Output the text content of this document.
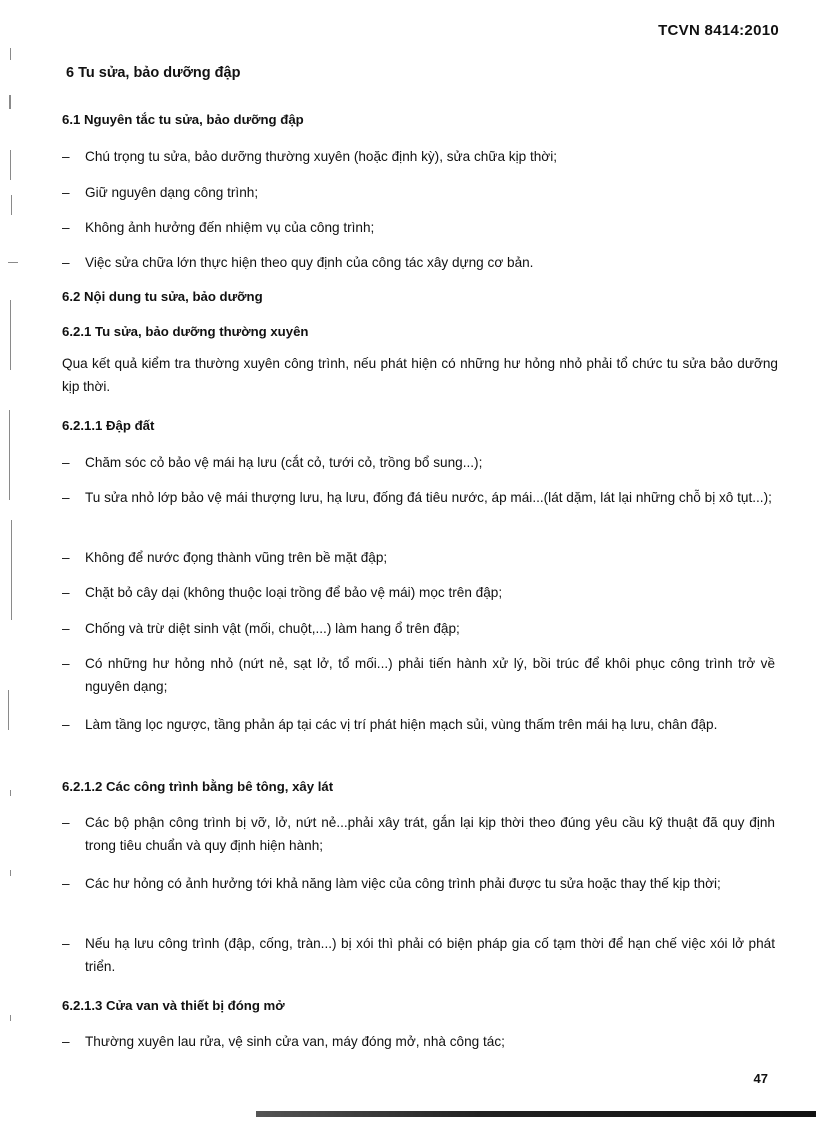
TCVN 8414:2010
6 Tu sửa, bảo dưỡng đập
6.1 Nguyên tắc tu sửa, bảo dưỡng đập
– Chú trọng tu sửa, bảo dưỡng thường xuyên (hoặc định kỳ), sửa chữa kịp thời;
– Giữ nguyên dạng công trình;
– Không ảnh hưởng đến nhiệm vụ của công trình;
– Việc sửa chữa lớn thực hiện theo quy định của công tác xây dựng cơ bản.
6.2 Nội dung tu sửa, bảo dưỡng
6.2.1 Tu sửa, bảo dưỡng thường xuyên
Qua kết quả kiểm tra thường xuyên công trình, nếu phát hiện có những hư hỏng nhỏ phải tổ chức tu sửa bảo dưỡng kịp thời.
6.2.1.1 Đập đất
– Chăm sóc cỏ bảo vệ mái hạ lưu (cắt cỏ, tưới cỏ, trồng bổ sung...);
– Tu sửa nhỏ lớp bảo vệ mái thượng lưu, hạ lưu, đống đá tiêu nước, áp mái...(lát dặm, lát lại những chỗ bị xô tụt...);
– Không để nước đọng thành vũng trên bề mặt đập;
– Chặt bỏ cây dại (không thuộc loại trồng để bảo vệ mái) mọc trên đập;
– Chống và trừ diệt sinh vật (mối, chuột,...) làm hang ổ trên đập;
– Có những hư hỏng nhỏ (nứt nẻ, sạt lở, tổ mối...) phải tiến hành xử lý, bồi trúc để khôi phục công trình trở về nguyên dạng;
– Làm tầng lọc ngược, tầng phản áp tại các vị trí phát hiện mạch sủi, vùng thấm trên mái hạ lưu, chân đập.
6.2.1.2 Các công trình bằng bê tông, xây lát
– Các bộ phận công trình bị vỡ, lở, nứt nẻ...phải xây trát, gắn lại kịp thời theo đúng yêu cầu kỹ thuật đã quy định trong tiêu chuẩn và quy định hiện hành;
– Các hư hỏng có ảnh hưởng tới khả năng làm việc của công trình phải được tu sửa hoặc thay thế kịp thời;
– Nếu hạ lưu công trình (đập, cống, tràn...) bị xói thì phải có biện pháp gia cố tạm thời để hạn chế việc xói lở phát triển.
6.2.1.3 Cửa van và thiết bị đóng mở
– Thường xuyên lau rửa, vệ sinh cửa van, máy đóng mở, nhà công tác;
47
